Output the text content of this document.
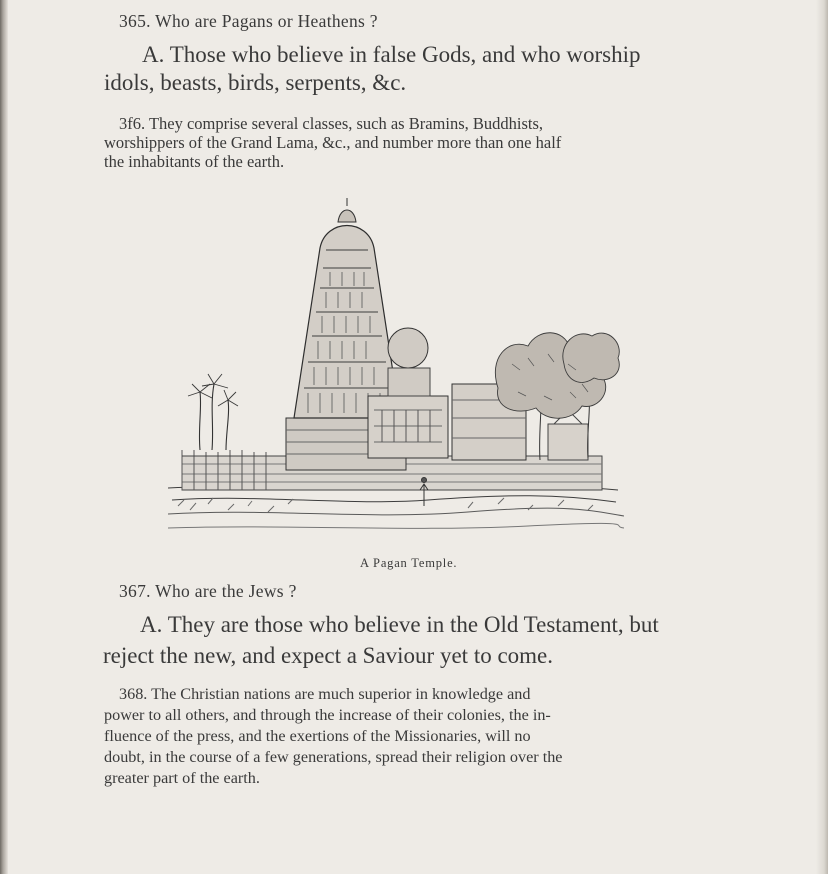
365. Who are Pagans or Heathens ?
A. Those who believe in false Gods, and who worship
idols, beasts, birds, serpents, &c.
3f6. They comprise several classes, such as Bramins, Buddhists,
worshippers of the Grand Lama, &c., and number more than one half
the inhabitants of the earth.
A Pagan Temple.
367. Who are the Jews ?
A. They are those who believe in the Old Testament, but
reject the new, and expect a Saviour yet to come.
368. The Christian nations are much superior in knowledge and
power to all others, and through the increase of their colonies, the in-
fluence of the press, and the exertions of the Missionaries, will no
doubt, in the course of a few generations, spread their religion over the
greater part of the earth.
